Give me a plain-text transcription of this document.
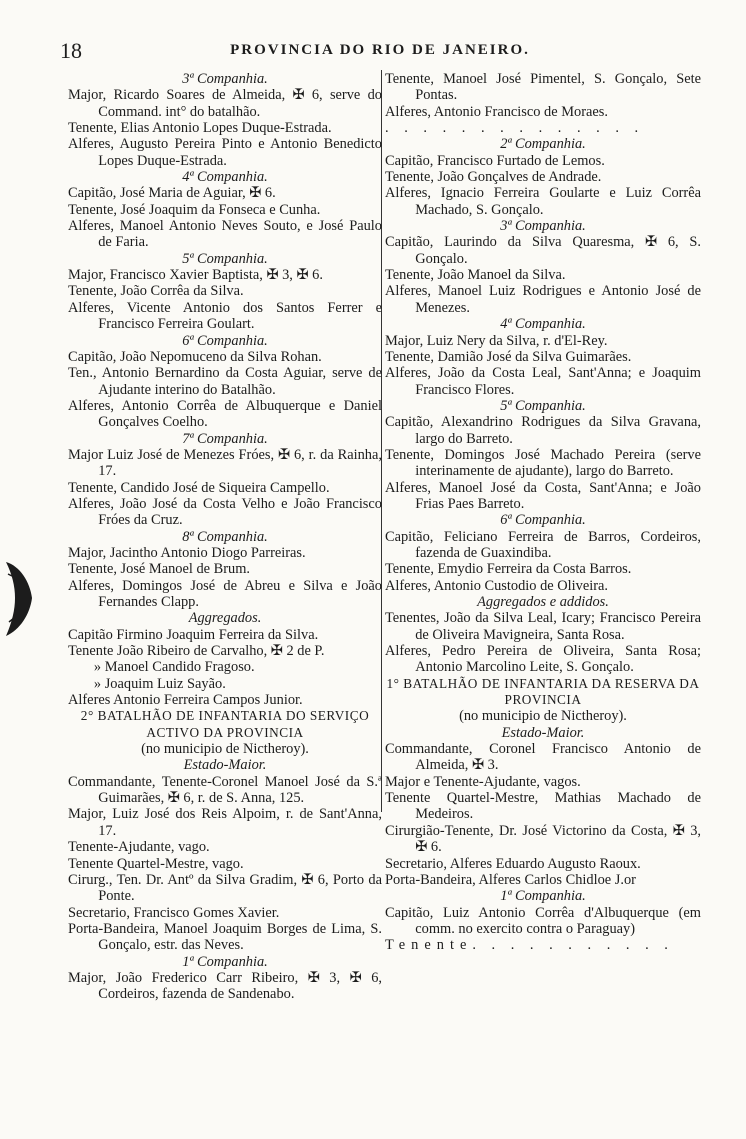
18	PROVINCIA DO RIO DE JANEIRO.

3ª Companhia.

Major, Ricardo Soares de Almeida, ✠ 6, serve do Command. int° do batalhão.

Tenente, Elias Antonio Lopes Duque-Estrada.

Alferes, Augusto Pereira Pinto e Antonio Benedicto Lopes Duque-Estrada.

4ª Companhia.

Capitão, José Maria de Aguiar, ✠ 6.

Tenente, José Joaquim da Fonseca e Cunha.

Alferes, Manoel Antonio Neves Souto, e José Paulo de Faria.

5ª Companhia.

Major, Francisco Xavier Baptista, ✠ 3, ✠ 6.

Tenente, João Corrêa da Silva.

Alferes, Vicente Antonio dos Santos Ferrer e Francisco Ferreira Goulart.

6ª Companhia.

Capitão, João Nepomuceno da Silva Rohan.

Ten., Antonio Bernardino da Costa Aguiar, serve de Ajudante interino do Batalhão.

Alferes, Antonio Corrêa de Albuquerque e Daniel Gonçalves Coelho.

7ª Companhia.

Major Luiz José de Menezes Fróes, ✠ 6, r. da Rainha, 17.

Tenente, Candido José de Siqueira Campello.

Alferes, João José da Costa Velho e João Francisco Fróes da Cruz.

8ª Companhia.

Major, Jacintho Antonio Diogo Parreiras.

Tenente, José Manoel de Brum.

Alferes, Domingos José de Abreu e Silva e João Fernandes Clapp.

Aggregados.

Capitão Firmino Joaquim Ferreira da Silva.

Tenente João Ribeiro de Carvalho, ✠ 2 de P.

» Manoel Candido Fragoso.

» Joaquim Luiz Sayão.

Alferes Antonio Ferreira Campos Junior.

2° BATALHÃO DE INFANTARIA DO SERVIÇO ACTIVO DA PROVINCIA

(no municipio de Nictheroy).

Estado-Maior.

Commandante, Tenente-Coronel Manoel José da S.ª Guimarães, ✠ 6, r. de S. Anna, 125.

Major, Luiz José dos Reis Alpoim, r. de Sant'Anna, 17.

Tenente-Ajudante, vago.

Tenente Quartel-Mestre, vago.

Cirurg., Ten. Dr. Antº da Silva Gradim, ✠ 6, Porto da Ponte.

Secretario, Francisco Gomes Xavier.

Porta-Bandeira, Manoel Joaquim Borges de Lima, S. Gonçalo, estr. das Neves.

1ª Companhia.

Major, João Frederico Carr Ribeiro, ✠ 3, ✠ 6, Cordeiros, fazenda de Sandenabo.

Tenente, Manoel José Pimentel, S. Gonçalo, Sete Pontas.

Alferes, Antonio Francisco de Moraes.

. . . . . . . . . . . . . .

2ª Companhia.

Capitão, Francisco Furtado de Lemos.

Tenente, João Gonçalves de Andrade.

Alferes, Ignacio Ferreira Goularte e Luiz Corrêa Machado, S. Gonçalo.

3ª Companhia.

Capitão, Laurindo da Silva Quaresma, ✠ 6, S. Gonçalo.

Tenente, João Manoel da Silva.

Alferes, Manoel Luiz Rodrigues e Antonio José de Menezes.

4ª Companhia.

Major, Luiz Nery da Silva, r. d'El-Rey.

Tenente, Damião José da Silva Guimarães.

Alferes, João da Costa Leal, Sant'Anna; e Joaquim Francisco Flores.

5ª Companhia.

Capitão, Alexandrino Rodrigues da Silva Gravana, largo do Barreto.

Tenente, Domingos José Machado Pereira (serve interinamente de ajudante), largo do Barreto.

Alferes, Manoel José da Costa, Sant'Anna; e João Frias Paes Barreto.

6ª Companhia.

Capitão, Feliciano Ferreira de Barros, Cordeiros, fazenda de Guaxindiba.

Tenente, Emydio Ferreira da Costa Barros.

Alferes, Antonio Custodio de Oliveira.

Aggregados e addidos.

Tenentes, João da Silva Leal, Icary; Francisco Pereira de Oliveira Mavigneira, Santa Rosa.

Alferes, Pedro Pereira de Oliveira, Santa Rosa; Antonio Marcolino Leite, S. Gonçalo.

1° BATALHÃO DE INFANTARIA DA RESERVA DA PROVINCIA

(no municipio de Nictheroy).

Estado-Maior.

Commandante, Coronel Francisco Antonio de Almeida, ✠ 3.

Major e Tenente-Ajudante, vagos.

Tenente Quartel-Mestre, Mathias Machado de Medeiros.

Cirurgião-Tenente, Dr. José Victorino da Costa, ✠ 3, ✠ 6.

Secretario, Alferes Eduardo Augusto Raoux.

Porta-Bandeira, Alferes Carlos Chidloe J.or

1ª Companhia.

Capitão, Luiz Antonio Corrêa d'Albuquerque (em comm. no exercito contra o Paraguay)

Tenente. . . . . . . . . . .
